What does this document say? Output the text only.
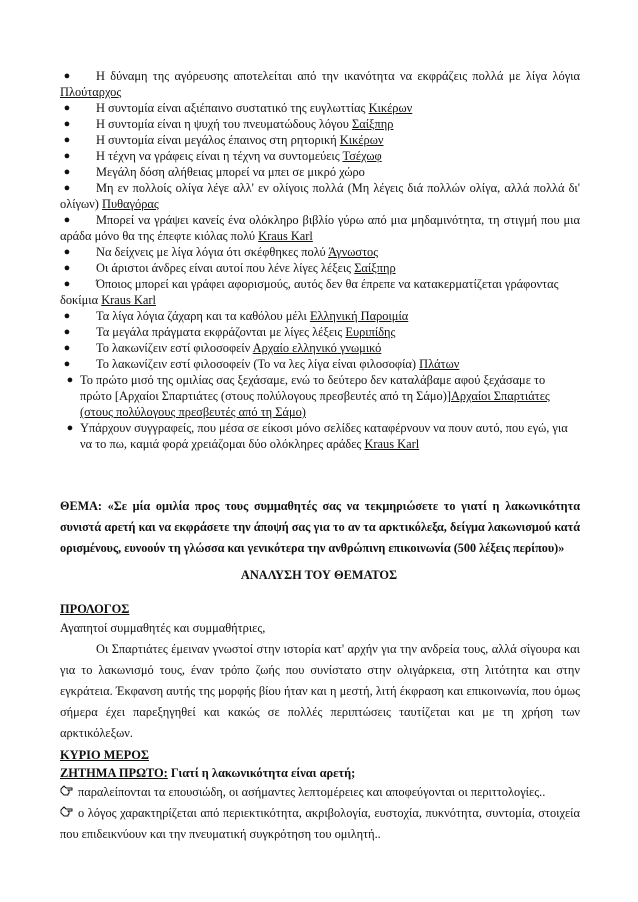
● Η δύναμη της αγόρευσης αποτελείται από την ικανότητα να εκφράζεις πολλά με λίγα λόγια Πλούταρχος

● Η συντομία είναι αξιέπαινο συστατικό της ευγλωττίας Κικέρων

● Η συντομία είναι η ψυχή του πνευματώδους λόγου Σαίξπηρ

● Η συντομία είναι μεγάλος έπαινος στη ρητορική Κικέρων

● Η τέχνη να γράφεις είναι η τέχνη να συντομεύεις Τσέχωφ

● Μεγάλη δόση αλήθειας μπορεί να μπει σε μικρό χώρο

● Μη εν πολλοίς ολίγα λέγε αλλ' εν ολίγοις πολλά (Μη λέγεις διά πολλών ολίγα, αλλά πολλά δι' ολίγων) Πυθαγόρας

● Μπορεί να γράψει κανείς ένα ολόκληρο βιβλίο γύρω από μια μηδαμινότητα, τη στιγμή που μια αράδα μόνο θα της έπεφτε κιόλας πολύ Kraus Karl

● Να δείχνεις με λίγα λόγια ότι σκέφθηκες πολύ Άγνωστος

● Οι άριστοι άνδρες είναι αυτοί που λένε λίγες λέξεις Σαίξπηρ

● Όποιος μπορεί και γράφει αφορισμούς, αυτός δεν θα έπρεπε να κατακερματίζεται γράφοντας δοκίμια Kraus Karl

● Τα λίγα λόγια ζάχαρη και τα καθόλου μέλι Ελληνική Παροιμία

● Τα μεγάλα πράγματα εκφράζονται με λίγες λέξεις Ευριπίδης

● Το λακωνίζειν εστί φιλοσοφείν Αρχαίο ελληνικό γνωμικό

● Το λακωνίζειν εστί φιλοσοφείν (Το να λες λίγα είναι φιλοσοφία) Πλάτων

● Το πρώτο μισό της ομιλίας σας ξεχάσαμε, ενώ το δεύτερο δεν καταλάβαμε αφού ξεχάσαμε το πρώτο [Αρχαίοι Σπαρτιάτες (στους πολύλογους πρεσβευτές από τη Σάμο)]Αρχαίοι Σπαρτιάτες (στους πολύλογους πρεσβευτές από τη Σάμο)

● Υπάρχουν συγγραφείς, που μέσα σε είκοσι μόνο σελίδες καταφέρνουν να πουν αυτό, που εγώ, για να το πω, καμιά φορά χρειάζομαι δύο ολόκληρες αράδες Kraus Karl

ΘΕΜΑ: «Σε μία ομιλία προς τους συμμαθητές σας να τεκμηριώσετε το γιατί η λακωνικότητα συνιστά αρετή και να εκφράσετε την άποψή σας για το αν τα αρκτικόλεξα, δείγμα λακωνισμού κατά ορισμένους, ευνοούν τη γλώσσα και γενικότερα την ανθρώπινη επικοινωνία (500 λέξεις περίπου)»

ΑΝΑΛΥΣΗ ΤΟΥ ΘΕΜΑΤΟΣ

ΠΡΟΛΟΓΟΣ

Αγαπητοί συμμαθητές και συμμαθήτριες,

Οι Σπαρτιάτες έμειναν γνωστοί στην ιστορία κατ' αρχήν για την ανδρεία τους, αλλά σίγουρα και για το λακωνισμό τους, έναν τρόπο ζωής που συνίστατο στην ολιγάρκεια, στη λιτότητα και στην εγκράτεια. Έκφανση αυτής της μορφής βίου ήταν και η μεστή, λιτή έκφραση και επικοινωνία, που όμως σήμερα έχει παρεξηγηθεί και κακώς σε πολλές περιπτώσεις ταυτίζεται και με τη χρήση των αρκτικόλεξων.

ΚΥΡΙΟ ΜΕΡΟΣ

ΖΗΤΗΜΑ ΠΡΩΤΟ: Γιατί η λακωνικότητα είναι αρετή;

παραλείπονται τα επουσιώδη, οι ασήμαντες λεπτομέρειες και αποφεύγονται οι περιττολογίες..

ο λόγος χαρακτηρίζεται από περιεκτικότητα, ακριβολογία, ευστοχία, πυκνότητα, συντομία, στοιχεία που επιδεικνύουν και την πνευματική συγκρότηση του ομιλητή..
